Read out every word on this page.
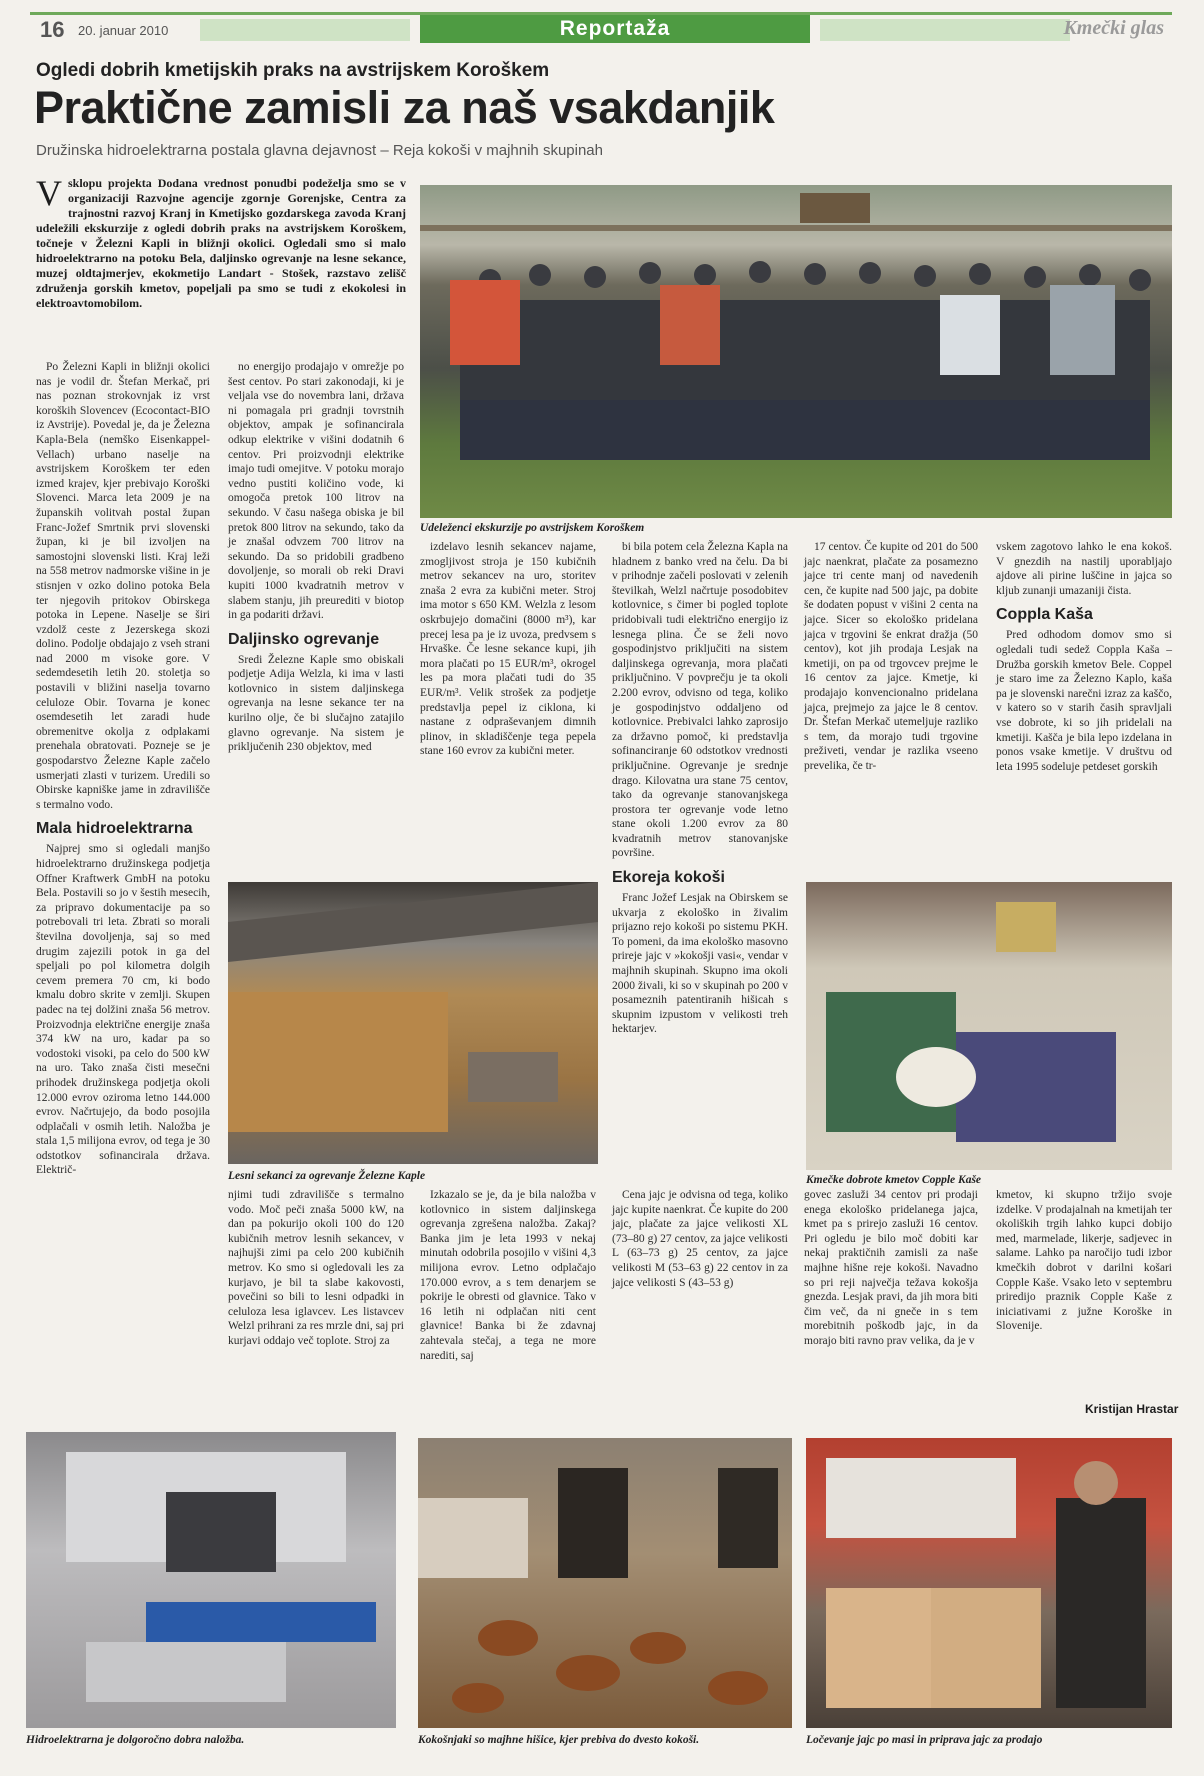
16 20. januar 2010	Reportaža	Kmečki glas
Ogledi dobrih kmetijskih praks na avstrijskem Koroškem
Praktične zamisli za naš vsakdanjik
Družinska hidroelektrarna postala glavna dejavnost – Reja kokoši v majhnih skupinah
V sklopu projekta Dodana vrednost ponudbi podeželja smo se v organizaciji Razvojne agencije zgornje Gorenjske, Centra za trajnostni razvoj Kranj in Kmetijsko gozdarskega zavoda Kranj udeležili ekskurzije z ogledi dobrih praks na avstrijskem Koroškem, točneje v Železni Kapli in bližnji okolici. Ogledali smo si malo hidroelektrarno na potoku Bela, daljinsko ogrevanje na lesne sekance, muzej oldtajmerjev, ekokmetijo Landart - Stošek, razstavo zelišč združenja gorskih kmetov, popeljali pa smo se tudi z ekokolesi in elektroavtomobilom.
Udeleženci ekskurzije po avstrijskem Koroškem

Po Železni Kapli in bližnji okolici nas je vodil dr. Štefan Merkač, pri nas poznan strokovnjak iz vrst koroških Slovencev (Ecocontact-BIO iz Avstrije). Povedal je, da je Železna Kapla-Bela (nemško Eisenkappel-Vellach) urbano naselje na avstrijskem Koroškem ter eden izmed krajev, kjer prebivajo Koroški Slovenci. Marca leta 2009 je na županskih volitvah postal župan Franc-Jožef Smrtnik prvi slovenski župan, ki je bil izvoljen na samostojni slovenski listi. Kraj leži na 558 metrov nadmorske višine in je stisnjen v ozko dolino potoka Bela ter njegovih pritokov Obirskega potoka in Lepene. Naselje se širi vzdolž ceste z Jezerskega skozi dolino. Podolje obdajajo z vseh strani nad 2000 m visoke gore. V sedemdesetih letih 20. stoletja so postavili v bližini naselja tovarno celuloze Obir. Tovarna je konec osemdesetih let zaradi hude obremenitve okolja z odplakami prenehala obratovati. Pozneje se je gospodarstvo Železne Kaple začelo usmerjati zlasti v turizem. Uredili so Obirske kapniške jame in zdravilišče s termalno vodo.

Mala hidroelektrarna

Najprej smo si ogledali manjšo hidroelektrarno družinskega podjetja Offner Kraftwerk GmbH na potoku Bela. Postavili so jo v šestih mesecih, za pripravo dokumentacije pa so potrebovali tri leta. Zbrati so morali številna dovoljenja, saj so med drugim zajezili potok in ga del speljali po pol kilometra dolgih cevem premera 70 cm, ki bodo kmalu dobro skrite v zemlji. Skupen padec na tej dolžini znaša 56 metrov. Proizvodnja električne energije znaša 374 kW na uro, kadar pa so vodostoki visoki, pa celo do 500 kW na uro. Tako znaša čisti mesečni prihodek družinskega podjetja okoli 12.000 evrov oziroma letno 144.000 evrov. Načrtujejo, da bodo posojila odplačali v osmih letih. Naložba je stala 1,5 milijona evrov, od tega je 30 odstotkov sofinancirala država. Električ-

no energijo prodajajo v omrežje po šest centov. Po stari zakonodaji, ki je veljala vse do novembra lani, država ni pomagala pri gradnji tovrstnih objektov, ampak je sofinancirala odkup elektrike v višini dodatnih 6 centov. Pri proizvodnji elektrike imajo tudi omejitve. V potoku morajo vedno pustiti količino vode, ki omogoča pretok 100 litrov na sekundo. V času našega obiska je bil pretok 800 litrov na sekundo, tako da je znašal odvzem 700 litrov na sekundo. Da so pridobili gradbeno dovoljenje, so morali ob reki Dravi kupiti 1000 kvadratnih metrov v slabem stanju, jih preurediti v biotop in ga podariti državi.

Daljinsko ogrevanje

Sredi Železne Kaple smo obiskali podjetje Adija Welzla, ki ima v lasti kotlovnico in sistem daljinskega ogrevanja na lesne sekance ter na kurilno olje, če bi slučajno zatajilo glavno ogrevanje. Na sistem je priključenih 230 objektov, med

izdelavo lesnih sekancev najame, zmogljivost stroja je 150 kubičnih metrov sekancev na uro, storitev znaša 2 evra za kubični meter. Stroj ima motor s 650 KM. Welzla z lesom oskrbujejo domačini (8000 m³), kar precej lesa pa je iz uvoza, predvsem s Hrvaške. Če lesne sekance kupi, jih mora plačati po 15 EUR/m³, okrogel les pa mora plačati tudi do 35 EUR/m³. Velik strošek za podjetje predstavlja pepel iz ciklona, ki nastane z odpraševanjem dimnih plinov, in skladiščenje tega pepela stane 160 evrov za kubični meter.

bi bila potem cela Železna Kapla na hladnem z banko vred na čelu. Da bi v prihodnje začeli poslovati v zelenih številkah, Welzl načrtuje posodobitev kotlovnice, s čimer bi pogled toplote pridobivali tudi električno energijo iz lesnega plina. Če se želi novo gospodinjstvo priključiti na sistem daljinskega ogrevanja, mora plačati priključnino. V povprečju je ta okoli 2.200 evrov, odvisno od tega, koliko je gospodinjstvo oddaljeno od kotlovnice. Prebivalci lahko zaprosijo za državno pomoč, ki predstavlja sofinanciranje 60 odstotkov vrednosti priključnine. Ogrevanje je srednje drago. Kilovatna ura stane 75 centov, tako da ogrevanje stanovanjskega prostora ter ogrevanje vode letno stane okoli 1.200 evrov za 80 kvadratnih metrov stanovanjske površine.

Ekoreja kokoši

Franc Jožef Lesjak na Obirskem se ukvarja z ekološko in živalim prijazno rejo kokoši po sistemu PKH. To pomeni, da ima ekološko masovno prireje jajc v »kokošji vasi«, vendar v majhnih skupinah. Skupno ima okoli 2000 živali, ki so v skupinah po 200 v posameznih patentiranih hišicah s skupnim izpustom v velikosti treh hektarjev.

17 centov. Če kupite od 201 do 500 jajc naenkrat, plačate za posamezno jajce tri cente manj od navedenih cen, če kupite nad 500 jajc, pa dobite še dodaten popust v višini 2 centa na jajce. Sicer so ekološko pridelana jajca v trgovini še enkrat dražja (50 centov), kot jih prodaja Lesjak na kmetiji, on pa od trgovcev prejme le 16 centov za jajce. Kmetje, ki prodajajo konvencionalno pridelana jajca, prejmejo za jajce le 8 centov. Dr. Štefan Merkač utemeljuje razliko s tem, da morajo tudi trgovine preživeti, vendar je razlika vseeno prevelika, če tr-

vskem zagotovo lahko le ena kokoš. V gnezdih na nastilj uporabljajo ajdove ali pirine luščine in jajca so kljub zunanji umazaniji čista.

Coppla Kaša

Pred odhodom domov smo si ogledali tudi sedež Coppla Kaša – Družba gorskih kmetov Bele. Coppel je staro ime za Železno Kaplo, kaša pa je slovenski narečni izraz za kaščo, v katero so v starih časih spravljali vse dobrote, ki so jih pridelali na kmetiji. Kašča je bila lepo izdelana in ponos vsake kmetije. V društvu od leta 1995 sodeluje petdeset gorskih

Lesni sekanci za ogrevanje Železne Kaple	Kmečke dobrote kmetov Copple Kaše

njimi tudi zdravilišče s termalno vodo. Moč peči znaša 5000 kW, na dan pa pokurijo okoli 100 do 120 kubičnih metrov lesnih sekancev, v najhujši zimi pa celo 200 kubičnih metrov. Ko smo si ogledovali les za kurjavo, je bil ta slabe kakovosti, povečini so bili to lesni odpadki in celuloza lesa iglavcev. Les listavcev Welzl prihrani za res mrzle dni, saj pri kurjavi oddajo več toplote. Stroj za

Izkazalo se je, da je bila naložba v kotlovnico in sistem daljinskega ogrevanja zgrešena naložba. Zakaj? Banka jim je leta 1993 v nekaj minutah odobrila posojilo v višini 4,3 milijona evrov. Letno odplačajo 170.000 evrov, a s tem denarjem se pokrije le obresti od glavnice. Tako v 16 letih ni odplačan niti cent glavnice! Banka bi že zdavnaj zahtevala stečaj, a tega ne more narediti, saj

Cena jajc je odvisna od tega, koliko jajc kupite naenkrat. Če kupite do 200 jajc, plačate za jajce velikosti XL (73–80 g) 27 centov, za jajce velikosti L (63–73 g) 25 centov, za jajce velikosti M (53–63 g) 22 centov in za jajce velikosti S (43–53 g)

govec zasluži 34 centov pri prodaji enega ekološko pridelanega jajca, kmet pa s prirejo zasluži 16 centov. Pri ogledu je bilo moč dobiti kar nekaj praktičnih zamisli za naše majhne hišne reje kokoši. Navadno so pri reji največja težava kokošja gnezda. Lesjak pravi, da jih mora biti čim več, da ni gneče in s tem morebitnih poškodb jajc, in da morajo biti ravno prav velika, da je v

kmetov, ki skupno tržijo svoje izdelke. V prodajalnah na kmetijah ter okoliških trgih lahko kupci dobijo med, marmelade, likerje, sadjevec in salame. Lahko pa naročijo tudi izbor kmečkih dobrot v darilni košari Copple Kaše. Vsako leto v septembru priredijo praznik Copple Kaše z iniciativami z južne Koroške in Slovenije.

Kristijan Hrastar
Hidroelektrarna je dolgoročno dobra naložba.	Kokošnjaki so majhne hišice, kjer prebiva do dvesto kokoši.	Ločevanje jajc po masi in priprava jajc za prodajo
